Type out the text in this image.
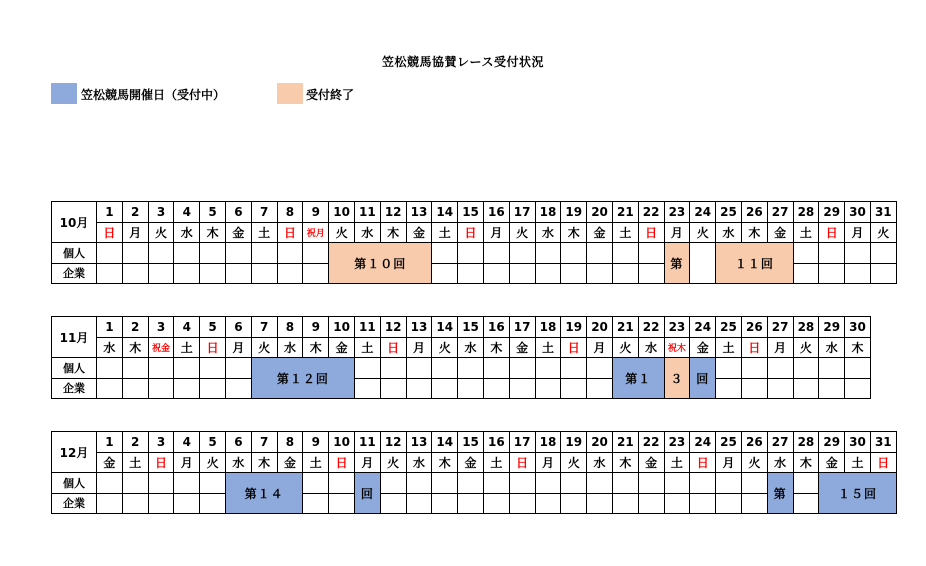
笠松競馬協賛レース受付状況
笠松競馬開催日（受付中）	受付終了
10月	1	2	3	4	5	6	7	8	9	10	11	12	13	14	15	16	17	18	19	20	21	22	23	24	25	26	27	28	29	30	31
	日	月	火	水	木	金	土	日	祝月	火	水	木	金	土	日	月	火	水	木	金	土	日	月	火	水	木	金	土	日	月	火
個人										第１０回													第		１１回						
企業																															
11月	1	2	3	4	5	6	7	8	9	10	11	12	13	14	15	16	17	18	19	20	21	22	23	24	25	26	27	28	29	30
	水	木	祝金	土	日	月	火	水	木	金	土	日	月	火	水	木	金	土	日	月	火	水	祝木	金	土	日	月	火	水	木
個人							第１２回														第１		３	回						
企業																														
12月	1	2	3	4	5	6	7	8	9	10	11	12	13	14	15	16	17	18	19	20	21	22	23	24	25	26	27	28	29	30	31
	金	土	日	月	火	水	木	金	土	日	月	火	水	木	金	土	日	月	火	水	木	金	土	日	月	火	水	木	金	土	日
個人						第１４					回																第		１５回		
企業																															
